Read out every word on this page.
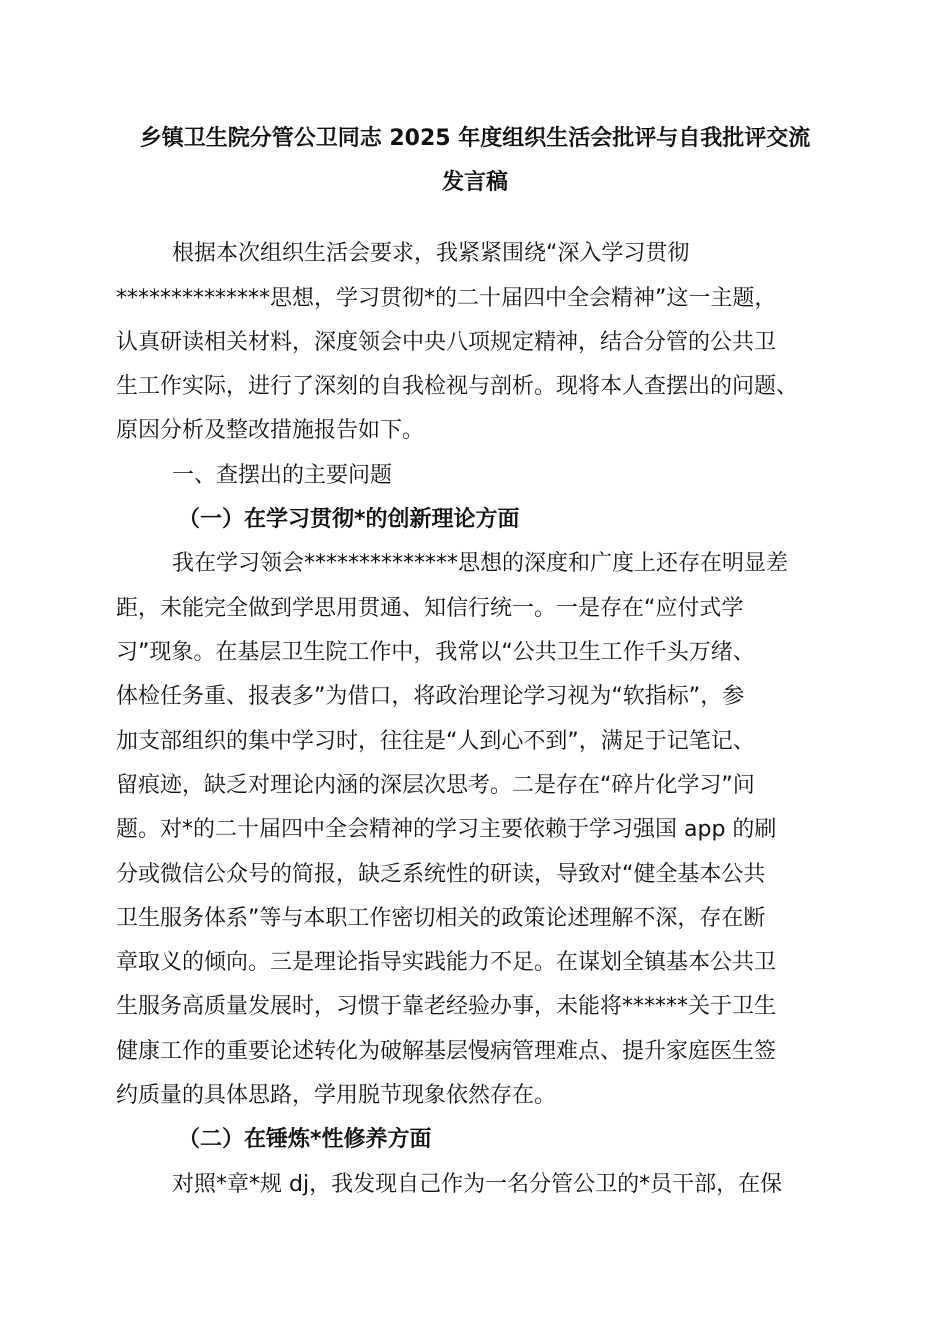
乡镇卫生院分管公卫同志 2025 年度组织生活会批评与自我批评交流
发言稿

根据本次组织生活会要求，我紧紧围绕“深入学习贯彻

**************思想，学习贯彻*的二十届四中全会精神”这一主题，

认真研读相关材料，深度领会中央八项规定精神，结合分管的公共卫

生工作实际，进行了深刻的自我检视与剖析。现将本人查摆出的问题、

原因分析及整改措施报告如下。

一、查摆出的主要问题

（一）在学习贯彻*的创新理论方面

我在学习领会**************思想的深度和广度上还存在明显差

距，未能完全做到学思用贯通、知信行统一。一是存在“应付式学

习”现象。在基层卫生院工作中，我常以“公共卫生工作千头万绪、

体检任务重、报表多”为借口，将政治理论学习视为“软指标”，参

加支部组织的集中学习时，往往是“人到心不到”，满足于记笔记、

留痕迹，缺乏对理论内涵的深层次思考。二是存在“碎片化学习”问

题。对*的二十届四中全会精神的学习主要依赖于学习强国 app 的刷

分或微信公众号的简报，缺乏系统性的研读，导致对“健全基本公共

卫生服务体系”等与本职工作密切相关的政策论述理解不深，存在断

章取义的倾向。三是理论指导实践能力不足。在谋划全镇基本公共卫

生服务高质量发展时，习惯于靠老经验办事，未能将******关于卫生

健康工作的重要论述转化为破解基层慢病管理难点、提升家庭医生签

约质量的具体思路，学用脱节现象依然存在。

（二）在锤炼*性修养方面

对照*章*规 dj，我发现自己作为一名分管公卫的*员干部，在保
